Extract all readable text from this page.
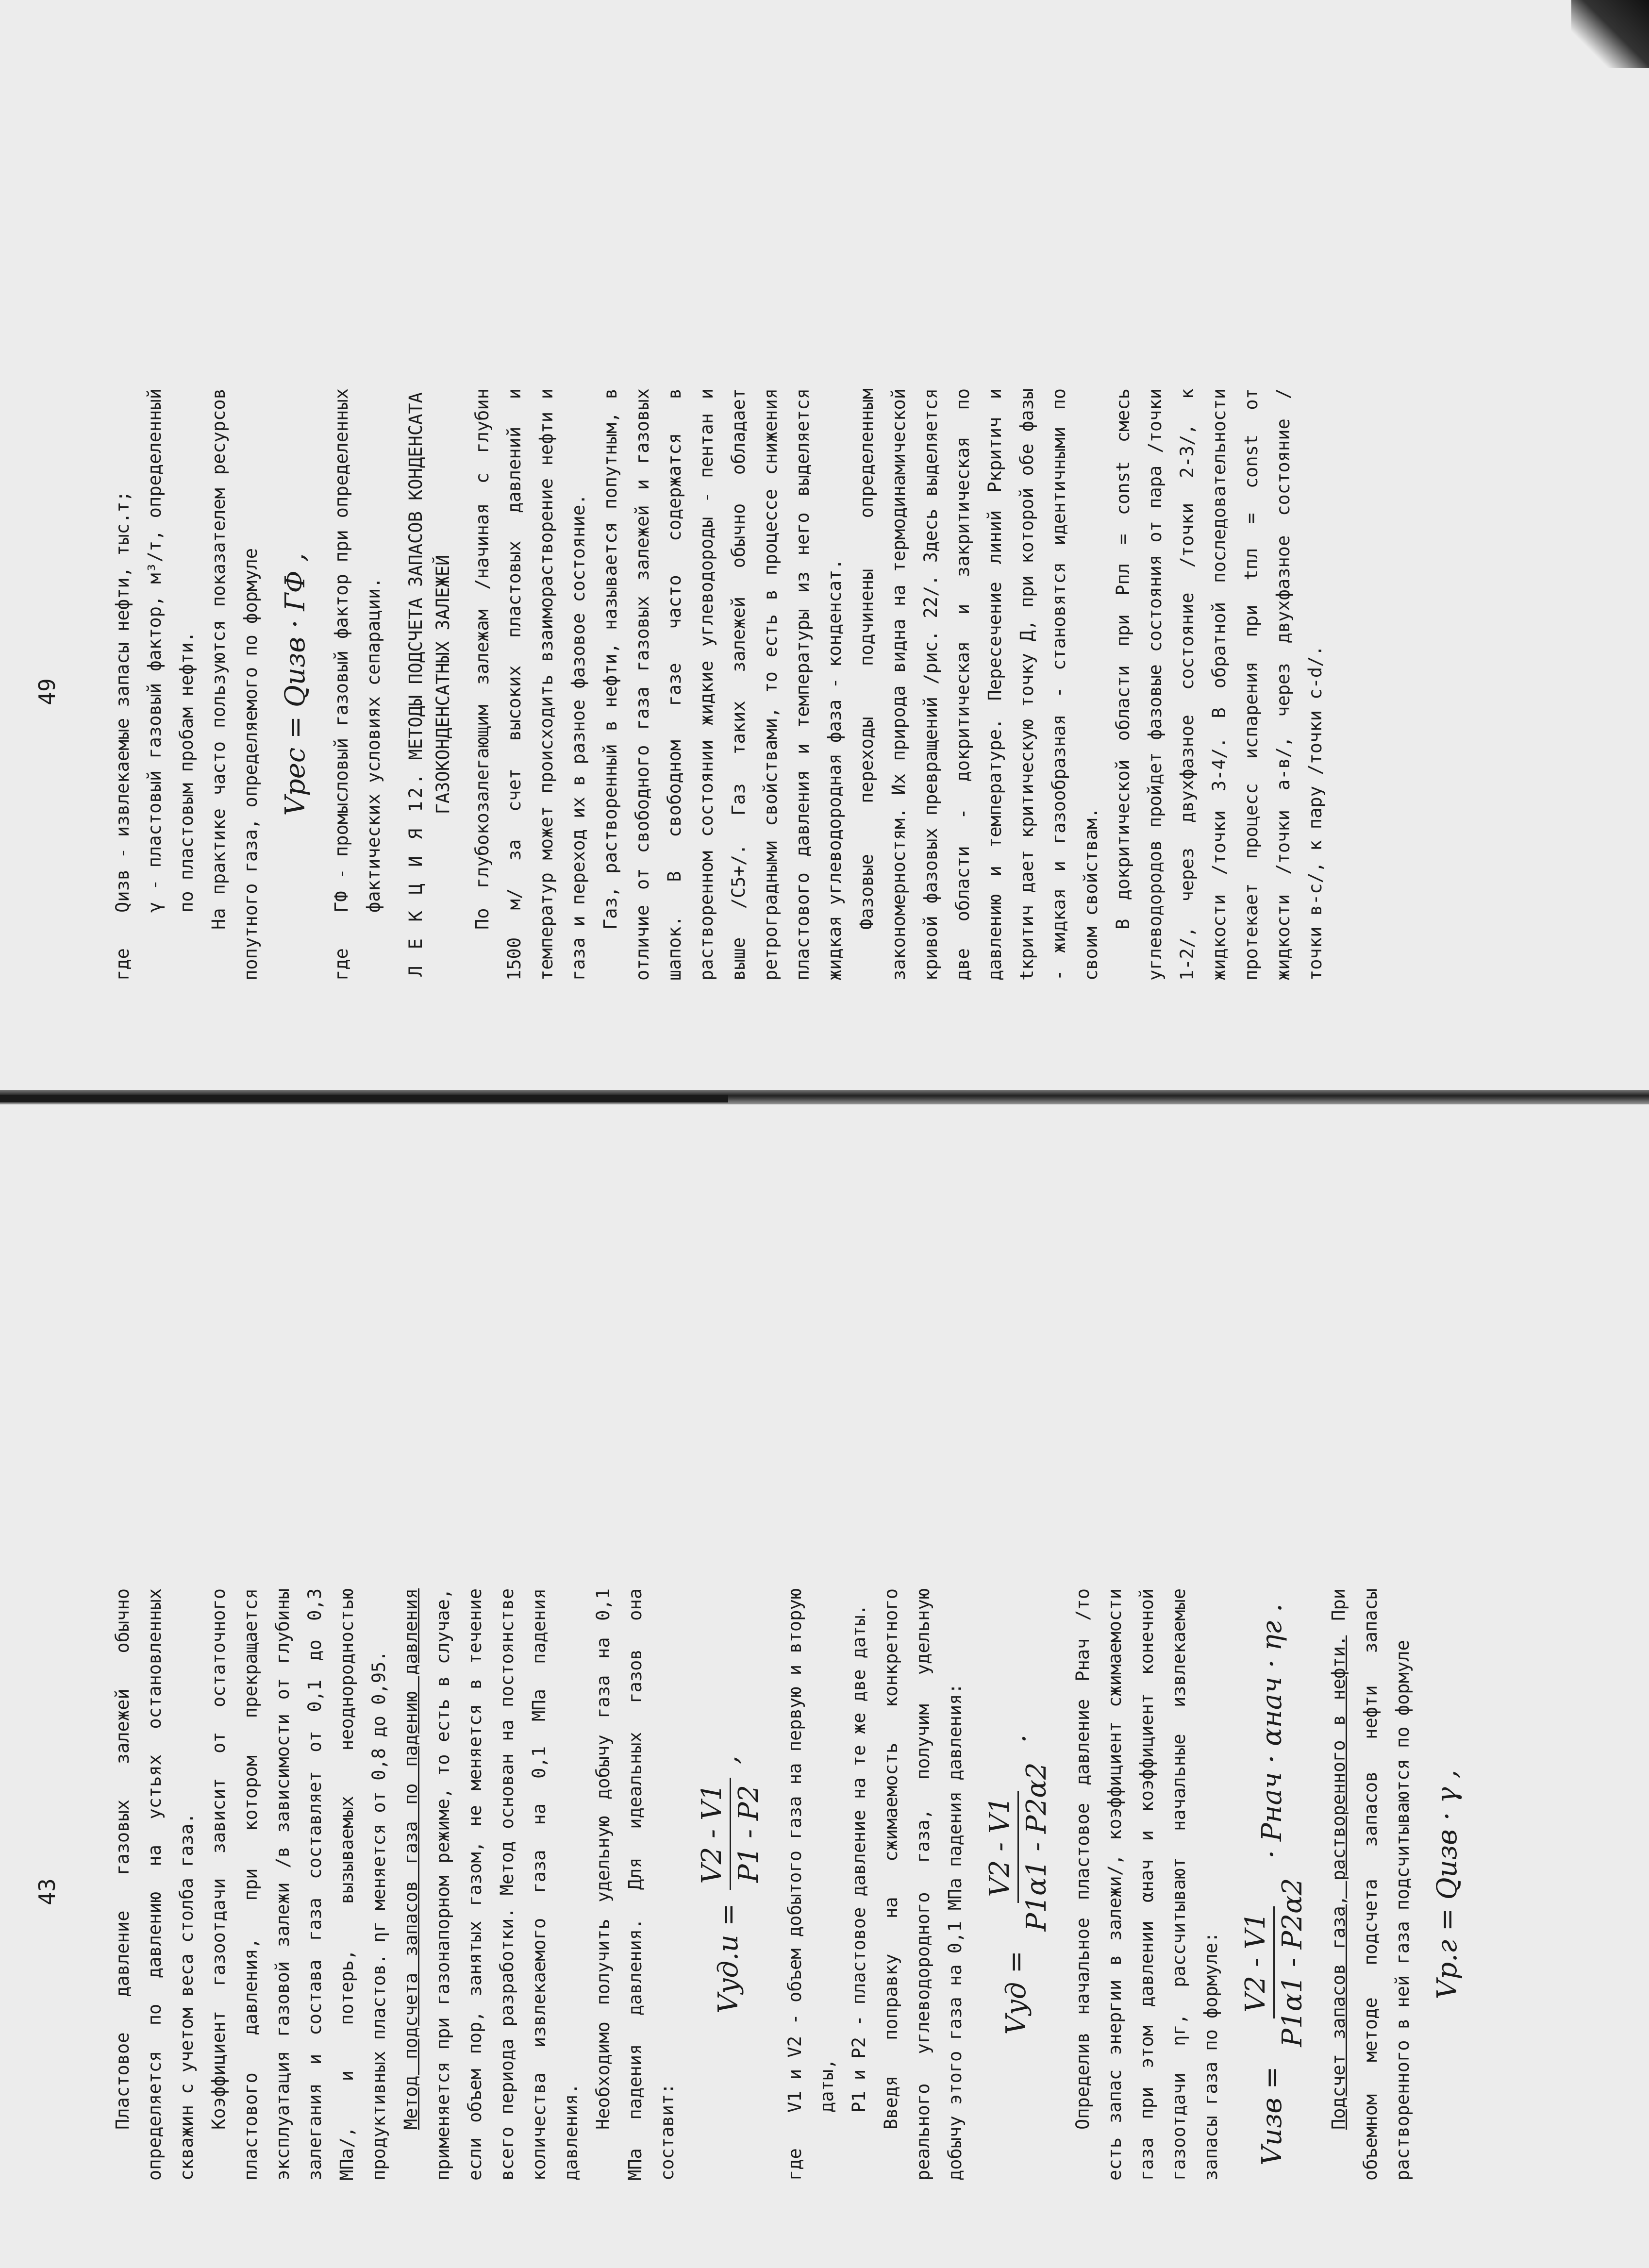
43	Пластовое давление газовых залежей обычно определяется по давлению на устьях остановленных скважин с учетом веса столба газа. Коэффициент газоотдачи зависит от остаточного пластового давления, при котором прекращается эксплуатация газовой залежи /в зависимости от глубины залегания и состава газа составляет от 0,1 до 0,3 МПа/, и потерь, вызываемых неоднородностью продуктивных пластов. ηг меняется от 0,8 до 0,95. Метод подсчета запасов газа по падению давления применяется при газонапорном режиме, то есть в случае, если объем пор, занятых газом, не меняется в течение всего периода разработки. Метод основан на постоянстве количества извлекаемого газа на 0,1 МПа падения давления.

Необходимо получить удельную добычу газа на 0,1 МПа падения давления. Для идеальных газов она составит:

Vуд.и =
V2 - V1 P1 - P2
,
где

V1 и V2 - объем добытого газа на первую и вторую даты, P1 и P2 - пластовое давление на те же две даты. Введя поправку на сжимаемость конкретного реального углеводородного газа, получим удельную добычу этого газа на 0,1 МПа падения давления:	Vуд =
V2 - V1 P1α1 - P2α2
.	Определив начальное пластовое давление Pнач /то есть запас энергии в залежи/, коэффициент сжимаемости газа при этом давлении αнач и коэффициент конечной газоотдачи ηг, рассчитывают начальные извлекаемые запасы газа по формуле:	Vизв =
V2 - V1 P1α1 - P2α2
· Pнач · αнач · ηг .	Подсчет запасов газа, растворенного в нефти. При объемном методе подсчета запасов нефти запасы растворенного в ней газа подсчитываются по формуле Vр.г = Qизв · γ ,
49
где

Qизв - извлекаемые запасы нефти, тыс.т; γ - пластовый газовый фактор, м³/т, определенный по пластовым пробам нефти. На практике часто пользуются показателем ресурсов попутного газа, определяемого по формуле Vрес = Qизв · ГФ ,
где

ГФ - промысловый газовый фактор при определенных фактических условиях сепарации.	Л Е К Ц И Я 12. МЕТОДЫ ПОДСЧЕТА ЗАПАСОВ КОНДЕНСАТА ГАЗОКОНДЕНСАТНЫХ ЗАЛЕЖЕЙ По глубокозалегающим залежам /начиная с глубин 1500 м/ за счет высоких пластовых давлений и температур может происходить взаиморастворение нефти и газа и переход их в разное фазовое состояние. Газ, растворенный в нефти, называется попутным, в отличие от свободного газа газовых залежей и газовых шапок. В свободном газе часто содержатся в растворенном состоянии жидкие углеводороды - пентан и выше /C5+/. Газ таких залежей обычно обладает ретроградными свойствами, то есть в процессе снижения пластового давления и температуры из него выделяется жидкая углеводородная фаза - конденсат. Фазовые переходы подчинены определенным закономерностям. Их природа видна на термодинамической кривой фазовых превращений /рис. 22/. Здесь выделяется две области - докритическая и закритическая по давлению и температуре. Пересечение линий Pкритич и tкритич дает критическую точку Д, при которой обе фазы - жидкая и газообразная - становятся идентичными по своим свойствам. В докритической области при Pпл = const смесь углеводородов пройдет фазовые состояния от пара /точки 1-2/, через двухфазное состояние /точки 2-3/, к жидкости /точки 3-4/. В обратной последовательности протекает процесс испарения при tпл = const от жидкости /точки а-в/, через двухфазное состояние /точки в-с/, к пару /точки с-d/.
